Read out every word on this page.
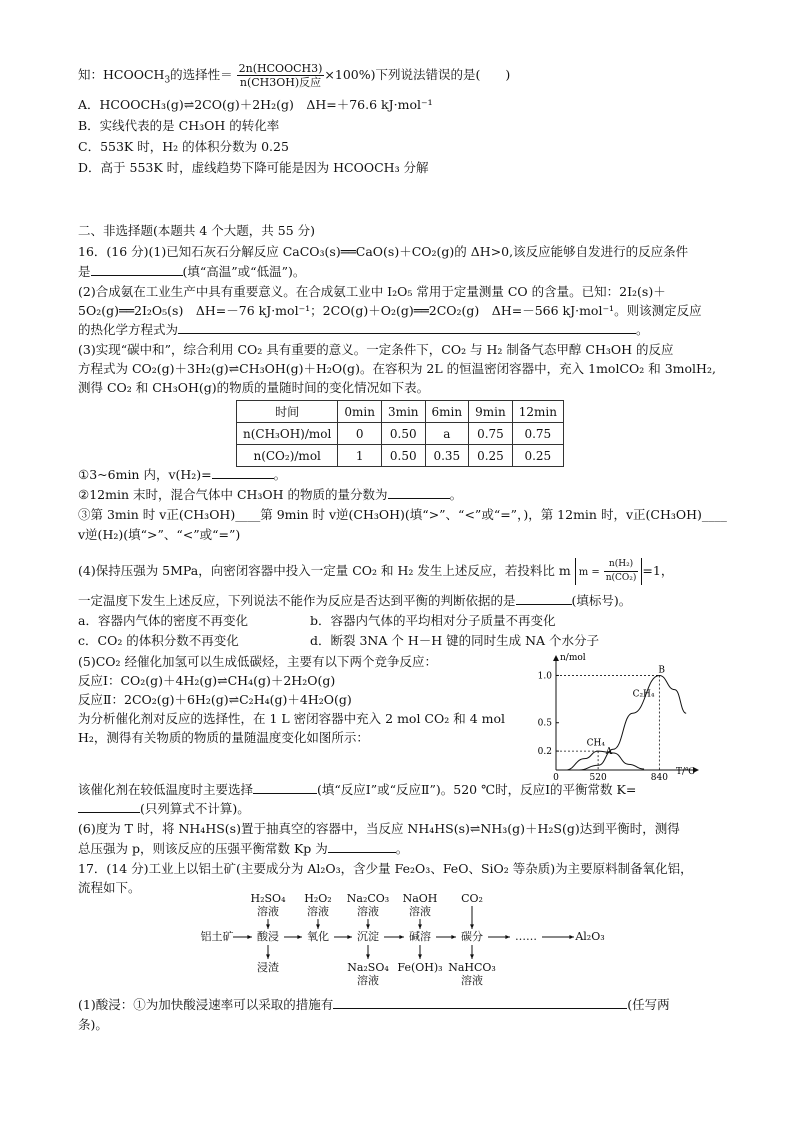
知：$HCOOCH_3$的选择性＝ $\frac{\text{2n(HCOOCH3)}}{\text{n(CH3OH)反应}} \times 100\%$)下列说法错误的是(　　)
A．HCOOCH₃(g)⇌2CO(g)＋2H₂(g)　ΔH=＋76.6 kJ·mol⁻¹
B．实线代表的是 CH₃OH 的转化率
C．553K 时，H₂ 的体积分数为 0.25
D．高于 553K 时，虚线趋势下降可能是因为 HCOOCH₃ 分解
二、非选择题(本题共 4 个大题，共 55 分)
16．(16 分)(1)已知石灰石分解反应 CaCO₃(s)══CaO(s)＋CO₂(g)的 ΔH>0,该反应能够自发进行的反应条件
是	(填“高温”或“低温”)。
(2)合成氨在工业生产中具有重要意义。在合成氨工业中 I₂O₅ 常用于定量测量 CO 的含量。已知：2I₂(s)＋
5O₂(g)══2I₂O₅(s)　ΔH=－76 kJ·mol⁻¹；2CO(g)＋O₂(g)══2CO₂(g)　ΔH=－566 kJ·mol⁻¹。则该测定反应
的热化学方程式为	。
(3)实现“碳中和”，综合利用 CO₂ 具有重要的意义。一定条件下，CO₂ 与 H₂ 制备气态甲醇 CH₃OH 的反应
方程式为 CO₂(g)＋3H₂(g)⇌CH₃OH(g)＋H₂O(g)。在容积为 2L 的恒温密闭容器中，充入 1molCO₂ 和 3molH₂,
测得 CO₂ 和 CH₃OH(g)的物质的量随时间的变化情况如下表。
时间	0min	3min	6min	9min	12min
n(CH₃OH)/mol	0	0.50	a	0.75	0.75
n(CO₂)/mol	1	0.50	0.35	0.25	0.25
①3~6min 内，v(H₂)=	。
②12min 末时，混合气体中 CH₃OH 的物质的量分数为	。
③第 3min 时 v正(CH₃OH)____第 9min 时 v逆(CH₃OH)(填“>”、“<”或“=”，)，第 12min 时，v正(CH₃OH)____
v逆(H₂)(填“>”、“<”或“=”)
(4)保持压强为 5MPa，向密闭容器中投入一定量 CO₂ 和 H₂ 发生上述反应，若投料比 m $m = \frac{\text{n(H₂)}}{\text{n(CO₂)}} =1$，
一定温度下发生上述反应，下列说法不能作为反应是否达到平衡的判断依据的是	(填标号)。
a．容器内气体的密度不再变化	b．容器内气体的平均相对分子质量不再变化
c．CO₂ 的体积分数不再变化	d．断裂 3NA 个 H－H 键的同时生成 NA 个水分子
(5)CO₂ 经催化加氢可以生成低碳烃，主要有以下两个竞争反应：
反应Ⅰ：CO₂(g)＋4H₂(g)⇌CH₄(g)＋2H₂O(g)
反应Ⅱ：2CO₂(g)＋6H₂(g)⇌C₂H₄(g)＋4H₂O(g)
为分析催化剂对反应的选择性，在 1 L 密闭容器中充入 2 mol CO₂ 和 4 mol
H₂，测得有关物质的物质的量随温度变化如图所示：
n/mol
T/℃
0.2
0.5
1.0
0	520	840
CH₄
C₂H₄
A
B
该催化剂在较低温度时主要选择	(填“反应Ⅰ”或“反应Ⅱ”)。520 ℃时，反应Ⅰ的平衡常数 K=
(只列算式不计算)。
(6)度为 T 时，将 NH₄HS(s)置于抽真空的容器中，当反应 NH₄HS(s)⇌NH₃(g)＋H₂S(g)达到平衡时，测得
总压强为 p，则该反应的压强平衡常数 Kp 为	。
17．(14 分)工业上以铝土矿(主要成分为 Al₂O₃，含少量 Fe₂O₃、FeO、SiO₂ 等杂质)为主要原料制备氧化铝，
流程如下。
铝土矿	酸浸	氧化	沉淀	碱溶	碳分	……	Al₂O₃
H₂SO₄
溶液
H₂O₂
溶液
Na₂CO₃
溶液
NaOH
溶液
CO₂
浸渣	Na₂SO₄
溶液
Fe(OH)₃ NaHCO₃
溶液
(1)酸浸：①为加快酸浸速率可以采取的措施有	(任写两
条)。
